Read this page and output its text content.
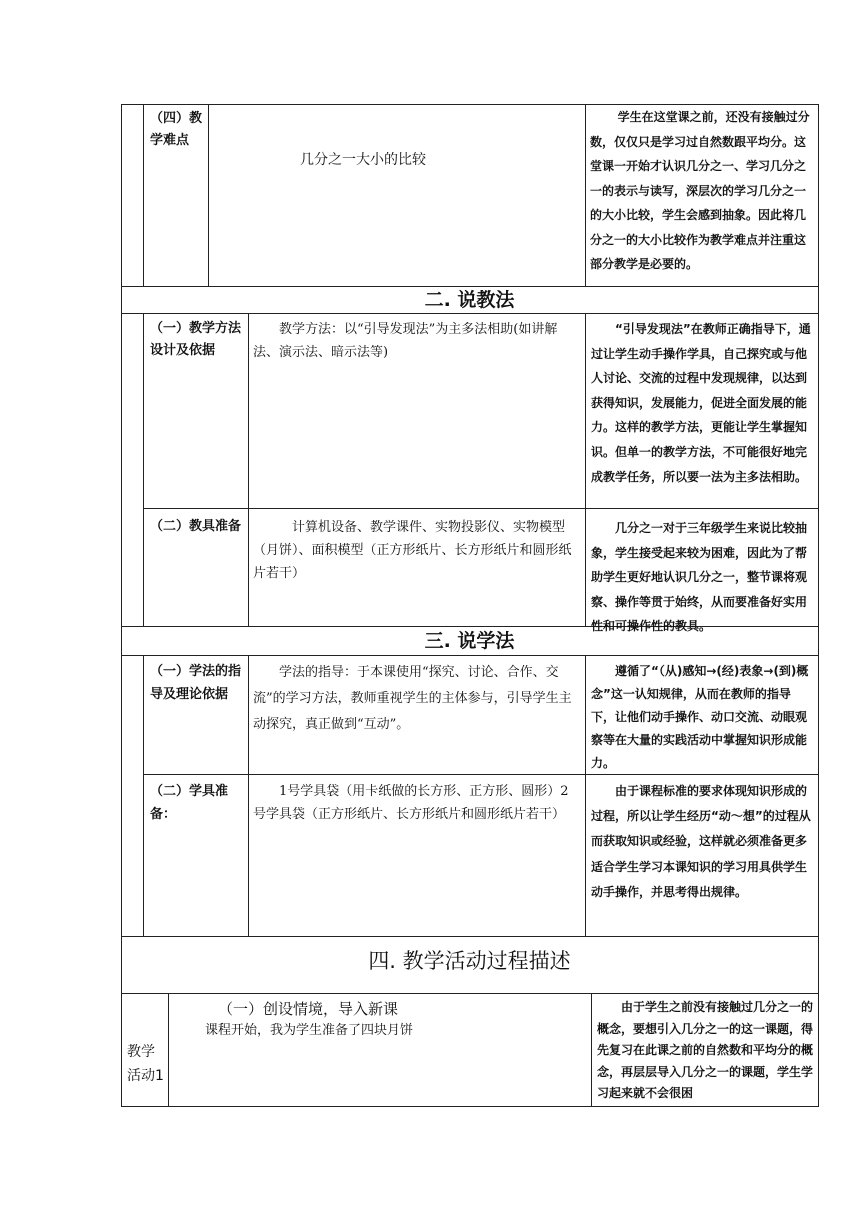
（四）教学难点
几分之一大小的比较
学生在这堂课之前，还没有接触过分数，仅仅只是学习过自然数跟平均分。这堂课一开始才认识几分之一、学习几分之一的表示与读写，深层次的学习几分之一的大小比较，学生会感到抽象。因此将几分之一的大小比较作为教学难点并注重这部分教学是必要的。
二. 说教法
（一）教学方法设计及依据
教学方法：以“引导发现法”为主多法相助(如讲解法、演示法、暗示法等)
“引导发现法”在教师正确指导下，通过让学生动手操作学具，自己探究或与他人讨论、交流的过程中发现规律，以达到获得知识，发展能力，促进全面发展的能力。这样的教学方法，更能让学生掌握知识。但单一的教学方法，不可能很好地完成教学任务，所以要一法为主多法相助。
（二）教具准备	计算机设备、教学课件、实物投影仪、实物模型（月饼）、面积模型（正方形纸片、长方形纸片和圆形纸片若干）
几分之一对于三年级学生来说比较抽象，学生接受起来较为困难，因此为了帮助学生更好地认识几分之一，整节课将观察、操作等贯于始终，从而要准备好实用性和可操作性的教具。
三. 说学法
（一）学法的指导及理论依据
学法的指导：于本课使用“探究、讨论、合作、交流”的学习方法，教师重视学生的主体参与，引导学生主动探究，真正做到“互动”。
遵循了“（从)感知→(经)表象→(到)概念”这一认知规律，从而在教师的指导下，让他们动手操作、动口交流、动眼观察等在大量的实践活动中掌握知识形成能力。
（二）学具准备：
1号学具袋（用卡纸做的长方形、正方形、圆形）2号学具袋（正方形纸片、长方形纸片和圆形纸片若干）
由于课程标准的要求体现知识形成的过程，所以让学生经历“动～想”的过程从而获取知识或经验，这样就必须准备更多适合学生学习本课知识的学习用具供学生动手操作，并思考得出规律。
四. 教学活动过程描述
教学活动1
（一）创设情境，导入新课
课程开始，我为学生准备了四块月饼
由于学生之前没有接触过几分之一的概念，要想引入几分之一的这一课题，得先复习在此课之前的自然数和平均分的概念，再层层导入几分之一的课题，学生学习起来就不会很困
